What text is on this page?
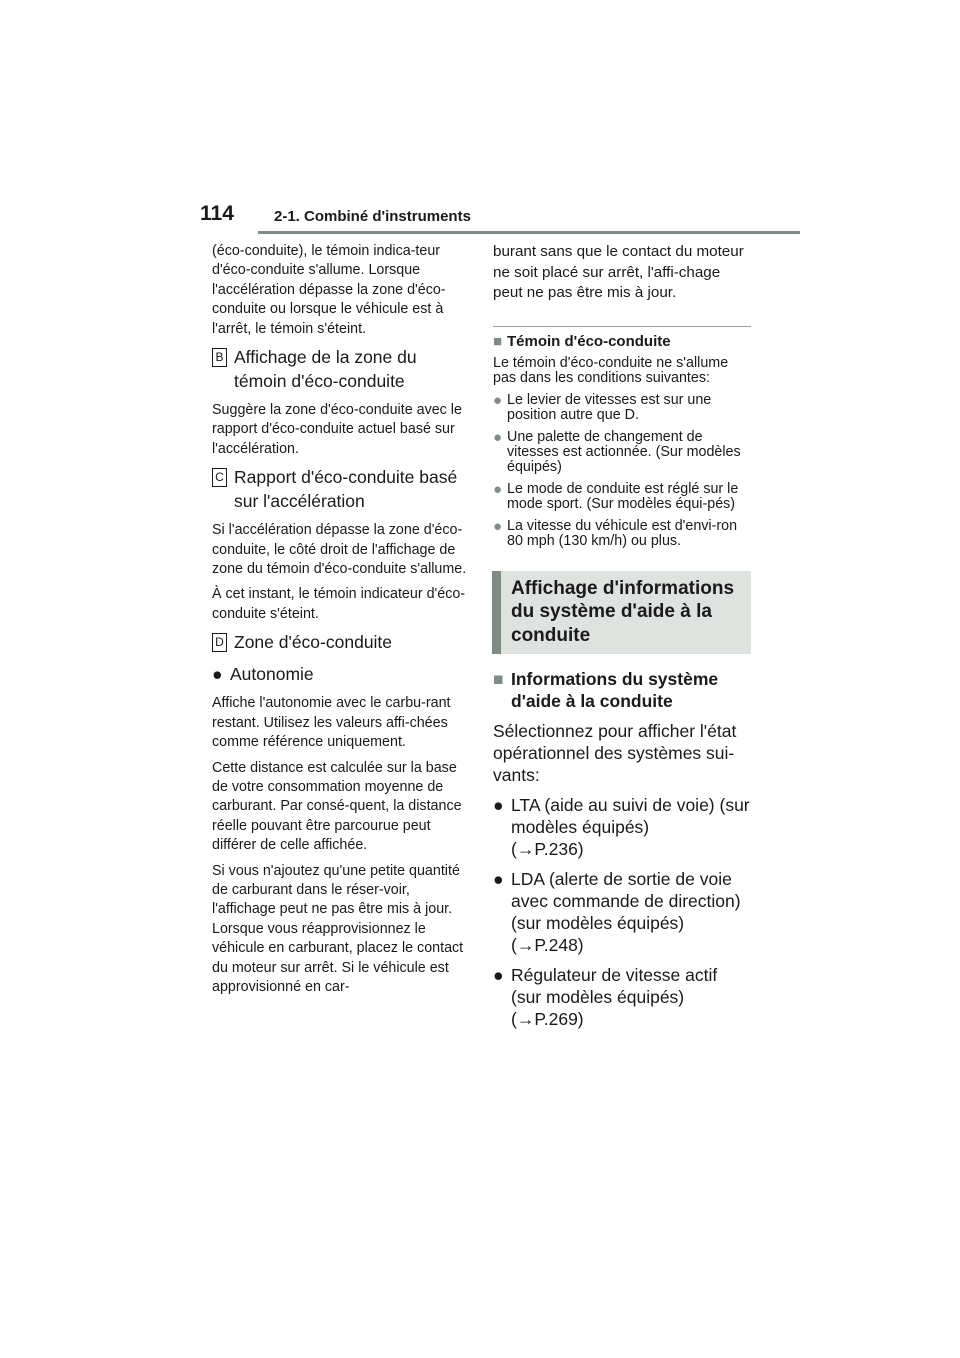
114	2-1. Combiné d'instruments

(éco-conduite), le témoin indica-teur d'éco-conduite s'allume. Lorsque l'accélération dépasse la zone d'éco-conduite ou lorsque le véhicule est à l'arrêt, le témoin s'éteint.

B Affichage de la zone du témoin d'éco-conduite

Suggère la zone d'éco-conduite avec le rapport d'éco-conduite actuel basé sur l'accélération.

C Rapport d'éco-conduite basé sur l'accélération

Si l'accélération dépasse la zone d'éco-conduite, le côté droit de l'affichage de zone du témoin d'éco-conduite s'allume.

À cet instant, le témoin indicateur d'éco-conduite s'éteint.

D Zone d'éco-conduite
● Autonomie

Affiche l'autonomie avec le carbu-rant restant. Utilisez les valeurs affi-chées comme référence uniquement.

Cette distance est calculée sur la base de votre consommation moyenne de carburant. Par consé-quent, la distance réelle pouvant être parcourue peut différer de celle affichée.

Si vous n'ajoutez qu'une petite quantité de carburant dans le réser-voir, l'affichage peut ne pas être mis à jour.

Lorsque vous réapprovisionnez le véhicule en carburant, placez le contact du moteur sur arrêt. Si le véhicule est approvisionné en car-

burant sans que le contact du moteur ne soit placé sur arrêt, l'affi-chage peut ne pas être mis à jour.

■ Témoin d'éco-conduite

Le témoin d'éco-conduite ne s'allume pas dans les conditions suivantes:

● Le levier de vitesses est sur une position autre que D.
● Une palette de changement de vitesses est actionnée. (Sur modèles équipés)
● Le mode de conduite est réglé sur le mode sport. (Sur modèles équi-pés)
● La vitesse du véhicule est d'envi-ron 80 mph (130 km/h) ou plus.
Affichage d'informations du système d'aide à la conduite
■ Informations du système d'aide à la conduite

Sélectionnez pour afficher l'état opérationnel des systèmes sui-vants:

● LTA (aide au suivi de voie) (sur modèles équipés)
(→P.236)
● LDA (alerte de sortie de voie avec commande de direction) (sur modèles équipés)
(→P.248)
● Régulateur de vitesse actif (sur modèles équipés)
(→P.269)
